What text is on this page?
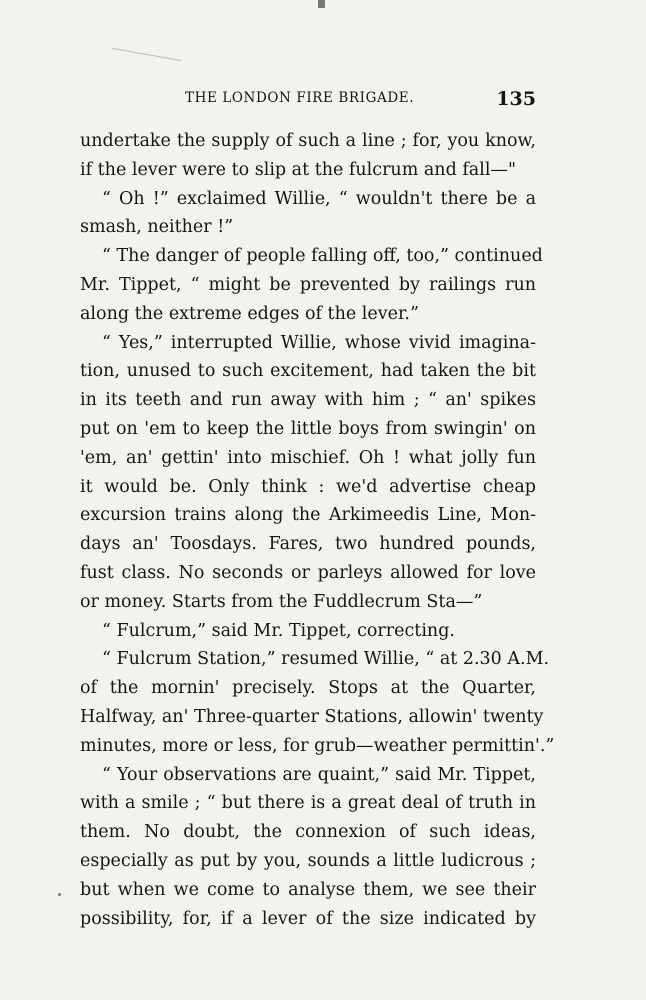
THE LONDON FIRE BRIGADE.	135
undertake the supply of such a line ; for, you know,
if the lever were to slip at the fulcrum and fall—"
“ Oh !” exclaimed Willie, “ wouldn't there be a
smash, neither !”
“ The danger of people falling off, too,” continued
Mr. Tippet, “ might be prevented by railings run
along the extreme edges of the lever.”
“ Yes,” interrupted Willie, whose vivid imagina-
tion, unused to such excitement, had taken the bit
in its teeth and run away with him ; “ an' spikes
put on 'em to keep the little boys from swingin' on
'em, an' gettin' into mischief. Oh ! what jolly fun
it would be. Only think : we'd advertise cheap
excursion trains along the Arkimeedis Line, Mon-
days an' Toosdays. Fares, two hundred pounds,
fust class. No seconds or parleys allowed for love
or money. Starts from the Fuddlecrum Sta—”
“ Fulcrum,” said Mr. Tippet, correcting.
“ Fulcrum Station,” resumed Willie, “ at 2.30 A.M.
of the mornin' precisely. Stops at the Quarter,
Halfway, an' Three-quarter Stations, allowin' twenty
minutes, more or less, for grub—weather permittin'.”
“ Your observations are quaint,” said Mr. Tippet,
with a smile ; “ but there is a great deal of truth in
them. No doubt, the connexion of such ideas,
especially as put by you, sounds a little ludicrous ;
but when we come to analyse them, we see their
possibility, for, if a lever of the size indicated by
